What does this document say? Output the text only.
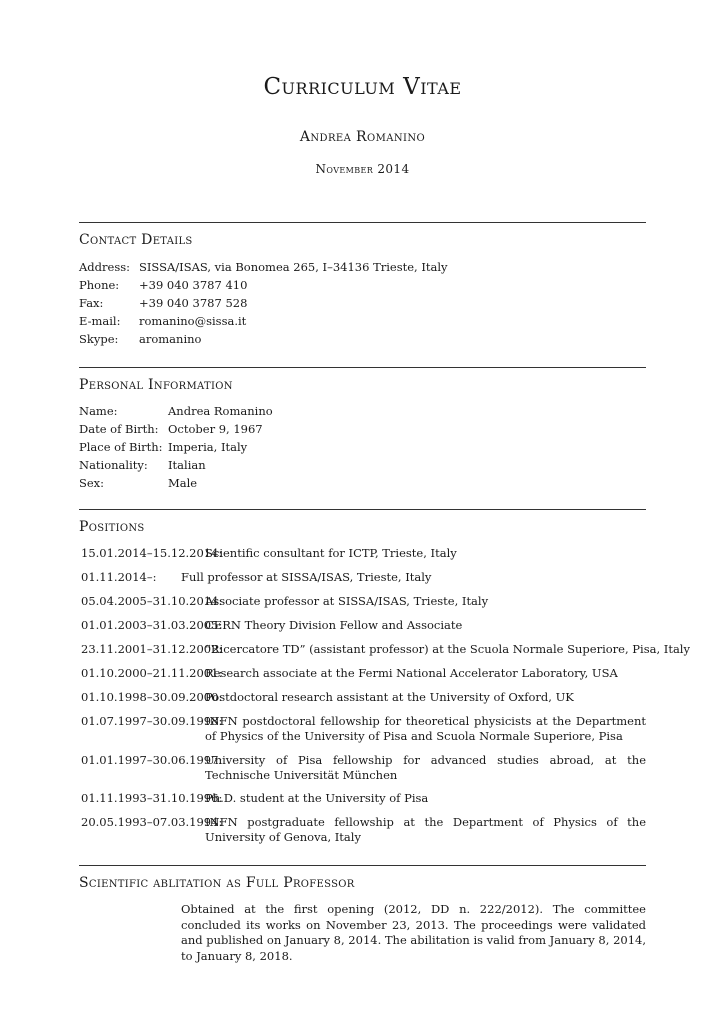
Curriculum Vitae
Andrea Romanino
November 2014
Contact Details
Address: SISSA/ISAS, via Bonomea 265, I–34136 Trieste, Italy
Phone: +39 040 3787 410
Fax:	+39 040 3787 528
E-mail: romanino@sissa.it
Skype: aromanino
Personal Information
Name:	Andrea Romanino
Date of Birth: October 9, 1967
Place of Birth: Imperia, Italy
Nationality: Italian
Sex:	Male
Positions
15.01.2014–15.12.2014:
Scientific consultant for ICTP, Trieste, Italy
01.11.2014–: Full professor at SISSA/ISAS, Trieste, Italy
05.04.2005–31.10.2014:
Associate professor at SISSA/ISAS, Trieste, Italy
01.01.2003–31.03.2005:
CERN Theory Division Fellow and Associate
23.11.2001–31.12.2002:
“Ricercatore TD” (assistant professor) at the Scuola Normale Superiore, Pisa, Italy
01.10.2000–21.11.2001:
Research associate at the Fermi National Accelerator Laboratory, USA
01.10.1998–30.09.2000:
Postdoctoral research assistant at the University of Oxford, UK
01.07.1997–30.09.1998:
INFN postdoctoral fellowship for theoretical physicists at the Department of Physics of the University of Pisa and Scuola Normale Superiore, Pisa
01.01.1997–30.06.1997:
University of Pisa fellowship for advanced studies abroad, at the Technische Universität München
01.11.1993–31.10.1996:
Ph.D. student at the University of Pisa
20.05.1993–07.03.1994:
INFN postgraduate fellowship at the Department of Physics of the University of Genova, Italy
Scientific ablitation as Full Professor
Obtained at the first opening (2012, DD n. 222/2012). The committee concluded its works on November 23, 2013. The proceedings were validated and published on January 8, 2014. The abilitation is valid from January 8, 2014, to January 8, 2018.
